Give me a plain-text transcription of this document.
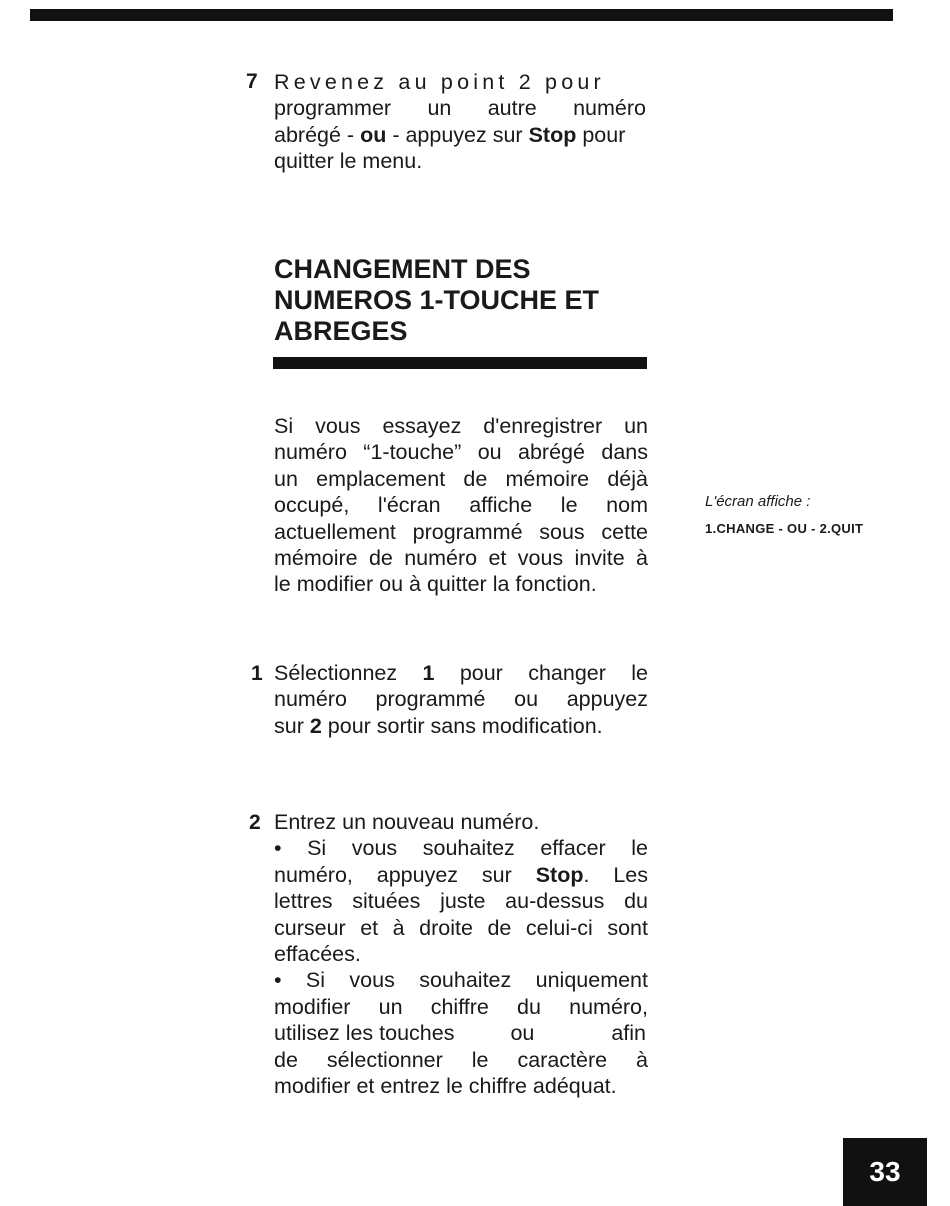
7 Revenez au point 2 pour
programmer un autre numéro
abrégé - ou - appuyez sur Stop pour
quitter le menu.
CHANGEMENT DES
NUMEROS 1-TOUCHE ET
ABREGES
Si vous essayez d'enregistrer un
numéro “1-touche” ou abrégé dans
un emplacement de mémoire déjà
occupé, l'écran affiche le nom
actuellement programmé sous cette
mémoire de numéro et vous invite à
le modifier ou à quitter la fonction.
L'écran affiche :
1.CHANGE - OU - 2.QUIT
1 Sélectionnez 1 pour changer le
numéro programmé ou appuyez
sur 2 pour sortir sans modification.
2 Entrez un nouveau numéro.
• Si vous souhaitez effacer le
numéro, appuyez sur Stop. Les
lettres situées juste au-dessus du
curseur et à droite de celui-ci sont
effacées.
• Si vous souhaitez uniquement
modifier un chiffre du numéro,
utilisez les touches	ou	afin
de sélectionner le caractère à
modifier et entrez le chiffre adéquat.
33
